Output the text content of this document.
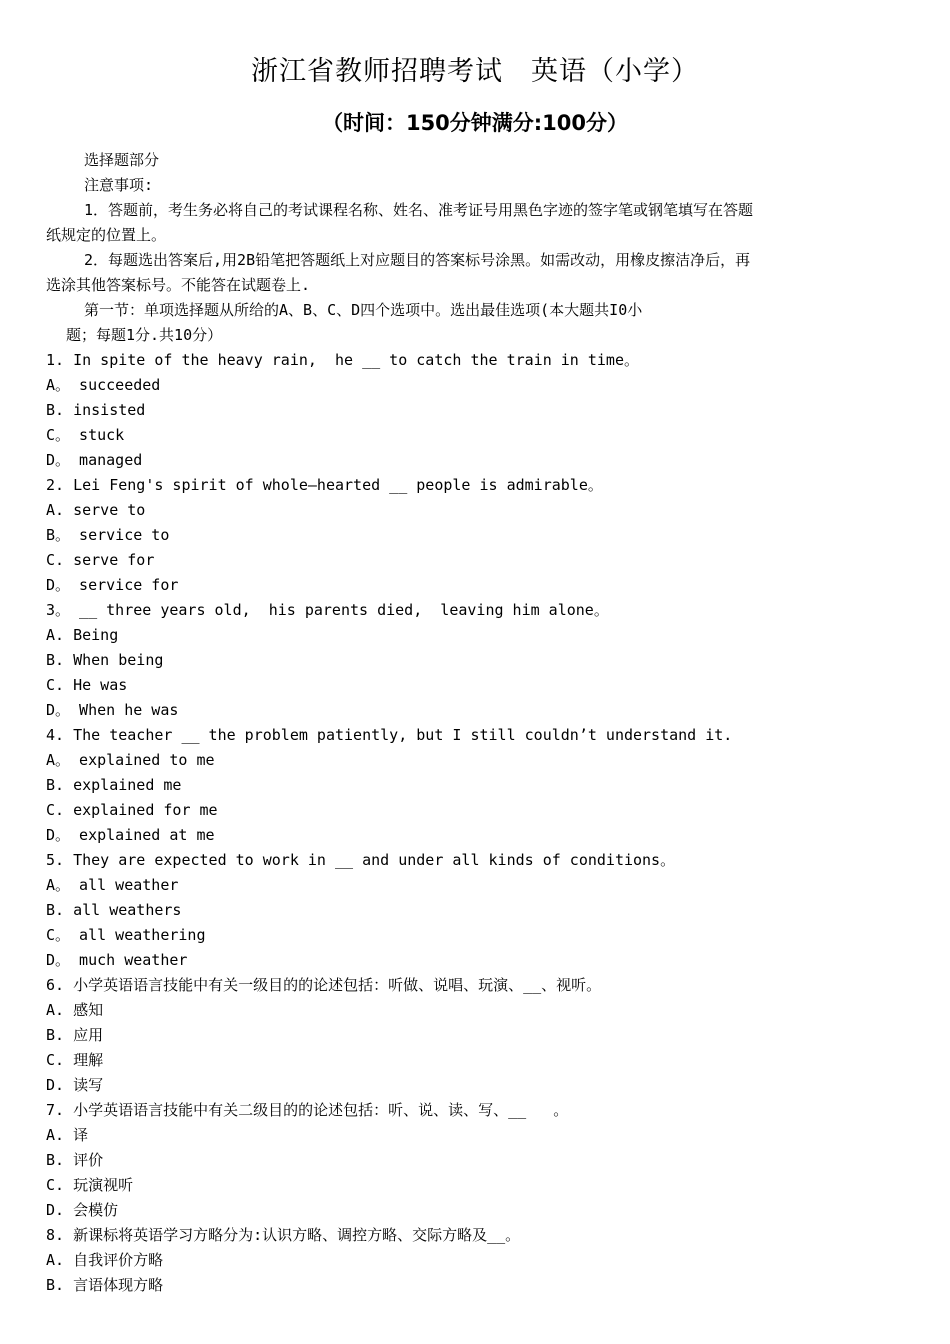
浙江省教师招聘考试　英语（小学）
（时间：150分钟满分:100分）
选择题部分
注意事项:
1．答题前，考生务必将自己的考试课程名称、姓名、准考证号用黑色字迹的签字笔或钢笔填写在答题
纸规定的位置上。
2．每题选出答案后,用2B铅笔把答题纸上对应题目的答案标号涂黑。如需改动，用橡皮擦洁净后，再
选涂其他答案标号。不能答在试题卷上.
第一节：单项选择题从所给的A、B、C、D四个选项中。选出最佳选项(本大题共I0小
题；每题1分.共10分）
1. In spite of the heavy rain,  he __ to catch the train in time。
A。 succeeded
B. insisted
C。 stuck
D。 managed
2. Lei Feng's spirit of whole—hearted __ people is admirable。
A. serve to
B。 service to
C. serve for
D。 service for
3。 __ three years old,  his parents died,  leaving him alone。
A. Being
B. When being
C. He was
D。 When he was
4. The teacher __ the problem patiently, but I still couldn’t understand it.
A。 explained to me
B. explained me
C. explained for me
D。 explained at me
5. They are expected to work in __ and under all kinds of conditions。
A。 all weather
B. all weathers
C。 all weathering
D。 much weather
6. 小学英语语言技能中有关一级目的的论述包括：听做、说唱、玩演、__、视听。
A. 感知
B. 应用
C. 理解
D. 读写
7. 小学英语语言技能中有关二级目的的论述包括：听、说、读、写、__   。
A. 译
B. 评价
C. 玩演视听
D. 会模仿
8. 新课标将英语学习方略分为:认识方略、调控方略、交际方略及__。
A. 自我评价方略
B. 言语体现方略
